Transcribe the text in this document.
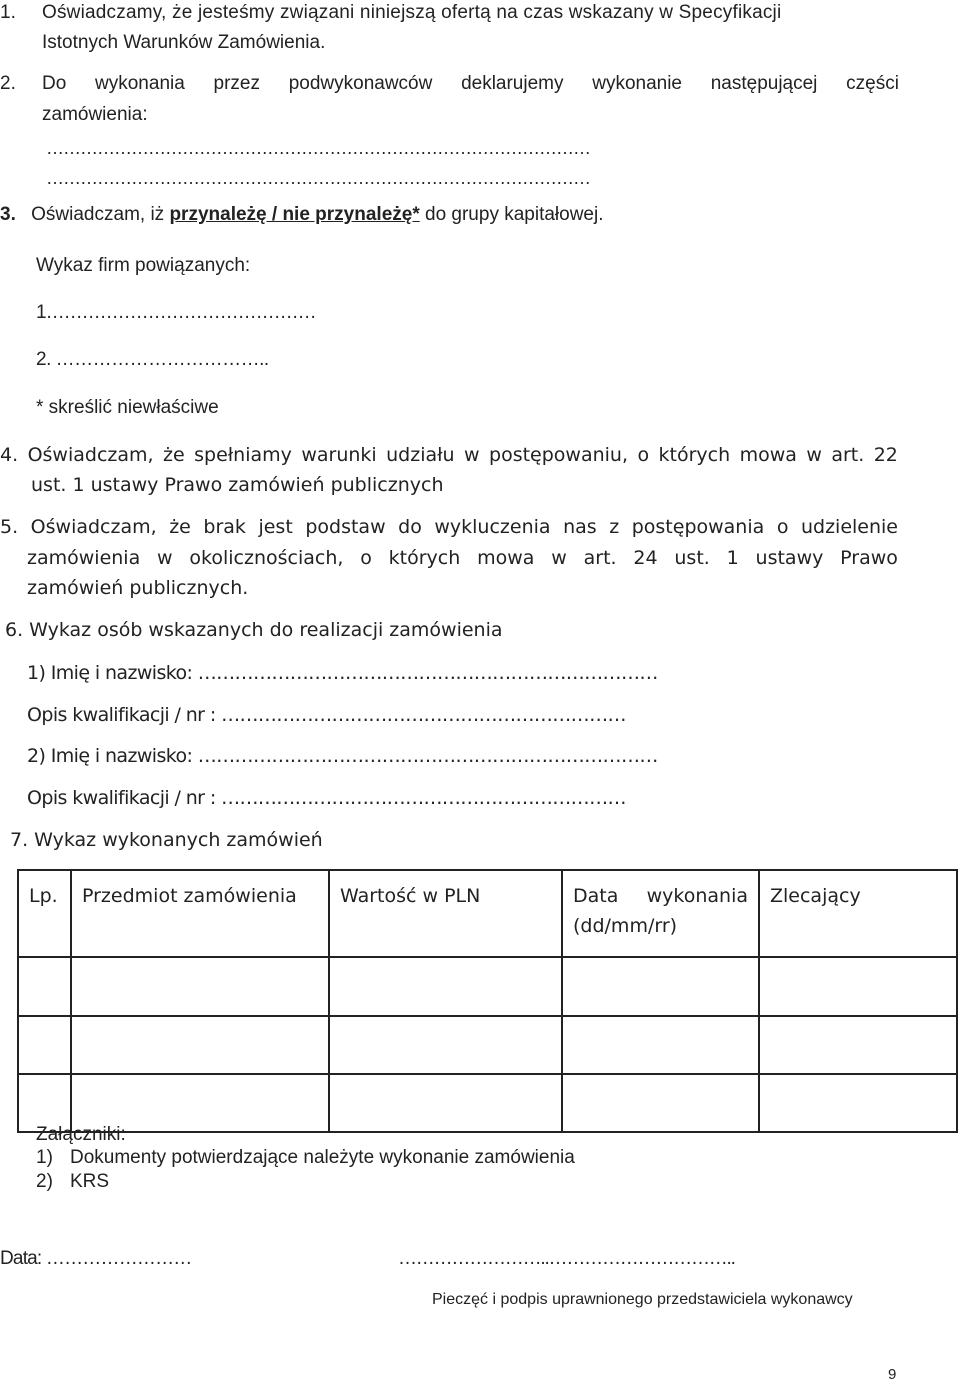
1. Oświadczamy, że jesteśmy związani niniejszą ofertą na czas wskazany w Specyfikacji
Istotnych Warunków Zamówienia.
2. Do wykonania przez podwykonawców deklarujemy wykonanie następującej części
zamówienia:
……………………………………………………………………………………
……………………………………………………………………………………
3. Oświadczam, iż przynależę / nie przynależę* do grupy kapitałowej.
Wykaz firm powiązanych:
1………………………………………
2. ……………………………..
* skreślić niewłaściwe
4. Oświadczam, że spełniamy warunki udziału w postępowaniu, o których mowa w art. 22
ust. 1 ustawy Prawo zamówień publicznych
5. Oświadczam, że brak jest podstaw do wykluczenia nas z postępowania o udzielenie
zamówienia w okolicznościach, o których mowa w art. 24 ust. 1 ustawy Prawo
zamówień publicznych.
6. Wykaz osób wskazanych do realizacji zamówienia
1) Imię i nazwisko: …………………………………………………………………
Opis kwalifikacji / nr : …………………………………………………………
2) Imię i nazwisko: …………………………………………………………………
Opis kwalifikacji / nr : …………………………………………………………
7. Wykaz wykonanych zamówień
Lp.	Przedmiot zamówienia	Wartość w PLN	Data wykonania (dd/mm/rr)	Zlecający

Załączniki:
1) Dokumenty potwierdzające należyte wykonanie zamówienia
2) KRS
Data: ……………………	……………………..…………………………..
Pieczęć i podpis uprawnionego przedstawiciela wykonawcy
9
